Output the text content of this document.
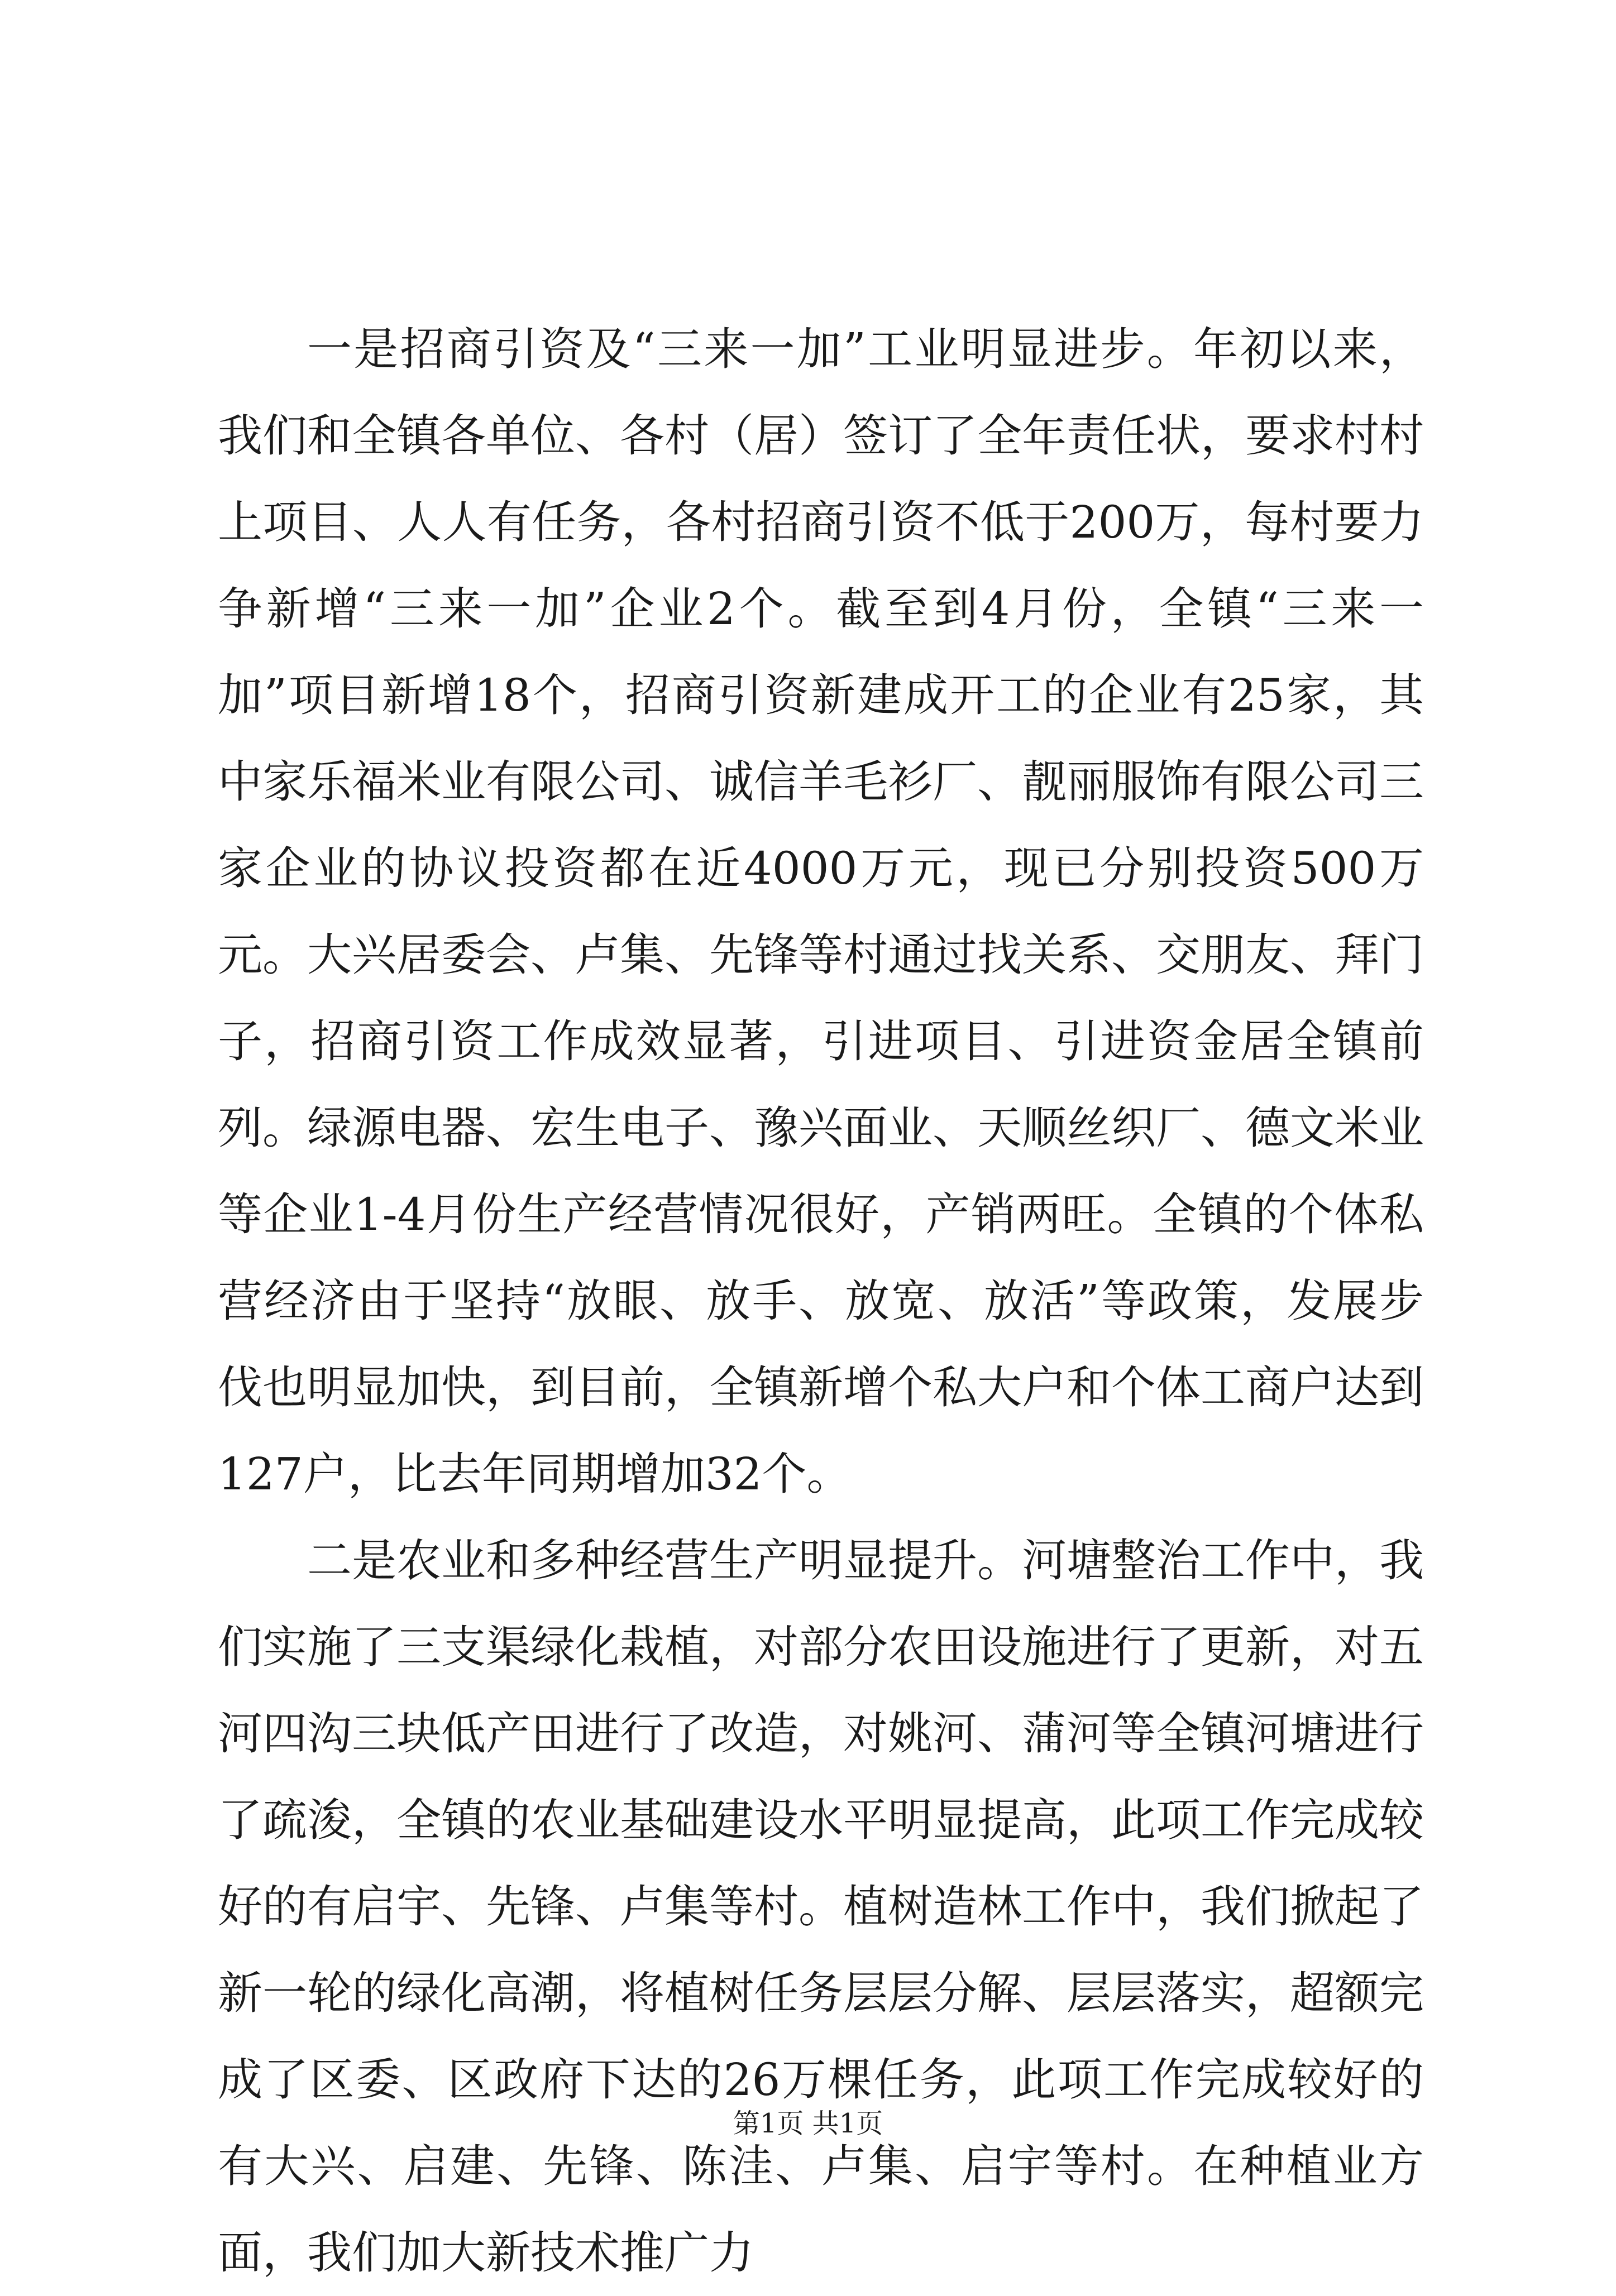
一是招商引资及“三来一加”工业明显进步。年初以来，我们和全镇各单位、各村（居）签订了全年责任状，要求村村上项目、人人有任务，各村招商引资不低于200万，每村要力争新增“三来一加”企业2个。截至到4月份，全镇“三来一加”项目新增18个，招商引资新建成开工的企业有25家，其中家乐福米业有限公司、诚信羊毛衫厂、靓丽服饰有限公司三家企业的协议投资都在近4000万元，现已分别投资500万元。大兴居委会、卢集、先锋等村通过找关系、交朋友、拜门子，招商引资工作成效显著，引进项目、引进资金居全镇前列。绿源电器、宏生电子、豫兴面业、天顺丝织厂、德文米业等企业1-4月份生产经营情况很好，产销两旺。全镇的个体私营经济由于坚持“放眼、放手、放宽、放活”等政策，发展步伐也明显加快，到目前，全镇新增个私大户和个体工商户达到127户，比去年同期增加32个。

二是农业和多种经营生产明显提升。河塘整治工作中，我们实施了三支渠绿化栽植，对部分农田设施进行了更新，对五河四沟三块低产田进行了改造，对姚河、蒲河等全镇河塘进行了疏浚，全镇的农业基础建设水平明显提高，此项工作完成较好的有启宇、先锋、卢集等村。植树造林工作中，我们掀起了新一轮的绿化高潮，将植树任务层层分解、层层落实，超额完成了区委、区政府下达的26万棵任务，此项工作完成较好的有大兴、启建、先锋、陈洼、卢集、启宇等村。在种植业方面，我们加大新技术推广力

第1页 共1页
